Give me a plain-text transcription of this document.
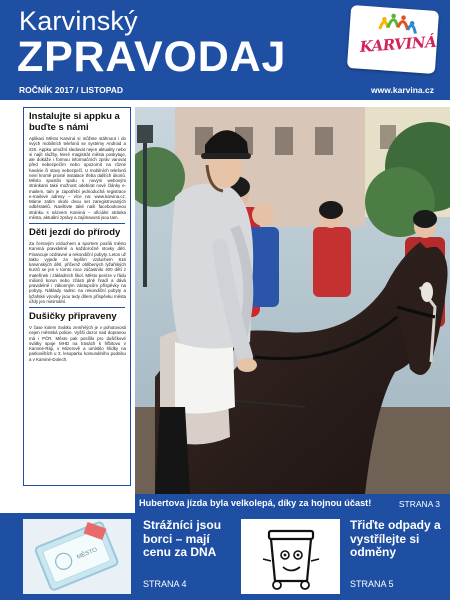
Karvinský
ZPRAVODAJ
ROČNÍK 2017 / LISTOPAD	www.karvina.cz
KARVINÁ
Instalujte si appku a buďte s námi
Aplikaci Město Karviná si můžete stáhnout i do svých mobilních telefonů se systémy Android a iOS. Appka umožní sledovat nejen aktuality nebo si najít služby, které magistrát města poskytuje, ale dokáže i formou informačních zpráv varovat před nebezpečím nebo upozornit na různé havárie či stavy nebezpečí. U mobilních telefonů není kromě prosté instalace třeba dalších úkonů. Město spustilo spolu s novým webovým stránkami také možnost odebírat nové články e-mailem, tam je zapotřebí jednoduchá registrace e-mailové adresy – více na: www.karvina.cz. Máme zatím okolo dvou set zaregistrovaných odběratelů. Navštivte také naši facebookovou stránku s názvem Karviná – oficiální stránka města, aktuální zprávy a zajímavosti jsou tam.
Děti jezdí do přírody
Za čerstvým vzduchem a sportem posílá město Karviná pravidelně a každoročně stovky dětí. Financuje ozdravné a rekondiční pobyty. Letos už takto vyjede za lepším vzduchem 616 karvinských dětí, přičemž oblíbených lyžařských kurzů se jen v tomto roce zúčastnilo 400 dětí z mateřinek i základních škol. Město peníze v řádu milionů korun nebo zčásti plně hradí a dává pravidelně i zákonným zástupcům příspěvky na pobyty. Náklady radnic na rekondiční pobyty a lyžařské výcviky jsou tedy dílem příspěvku města vždy jen minimální.
Dušičky připraveny
V čase kolem Svátku zemřelých je v pohotovosti nejen městská policie. Vyšší dozor nad dopravou má i PČR. Město pak posílilo pro dušičkové svátky spoje MHD na trasách k hřbitovu v Karviné-Ráji, v Mizerově a umístilo hlídky na parkovištích u 3. lesoparku komunálního podniku a v Karviné-Dolech.
Hubertova jízda byla velkolepá, díky za hojnou účast!	STRANA 3
MĚSTO
Strážníci jsou borci – mají cenu za DNA
STRANA 4
Třiďte odpady a vystřílejte si odměny
STRANA 5
